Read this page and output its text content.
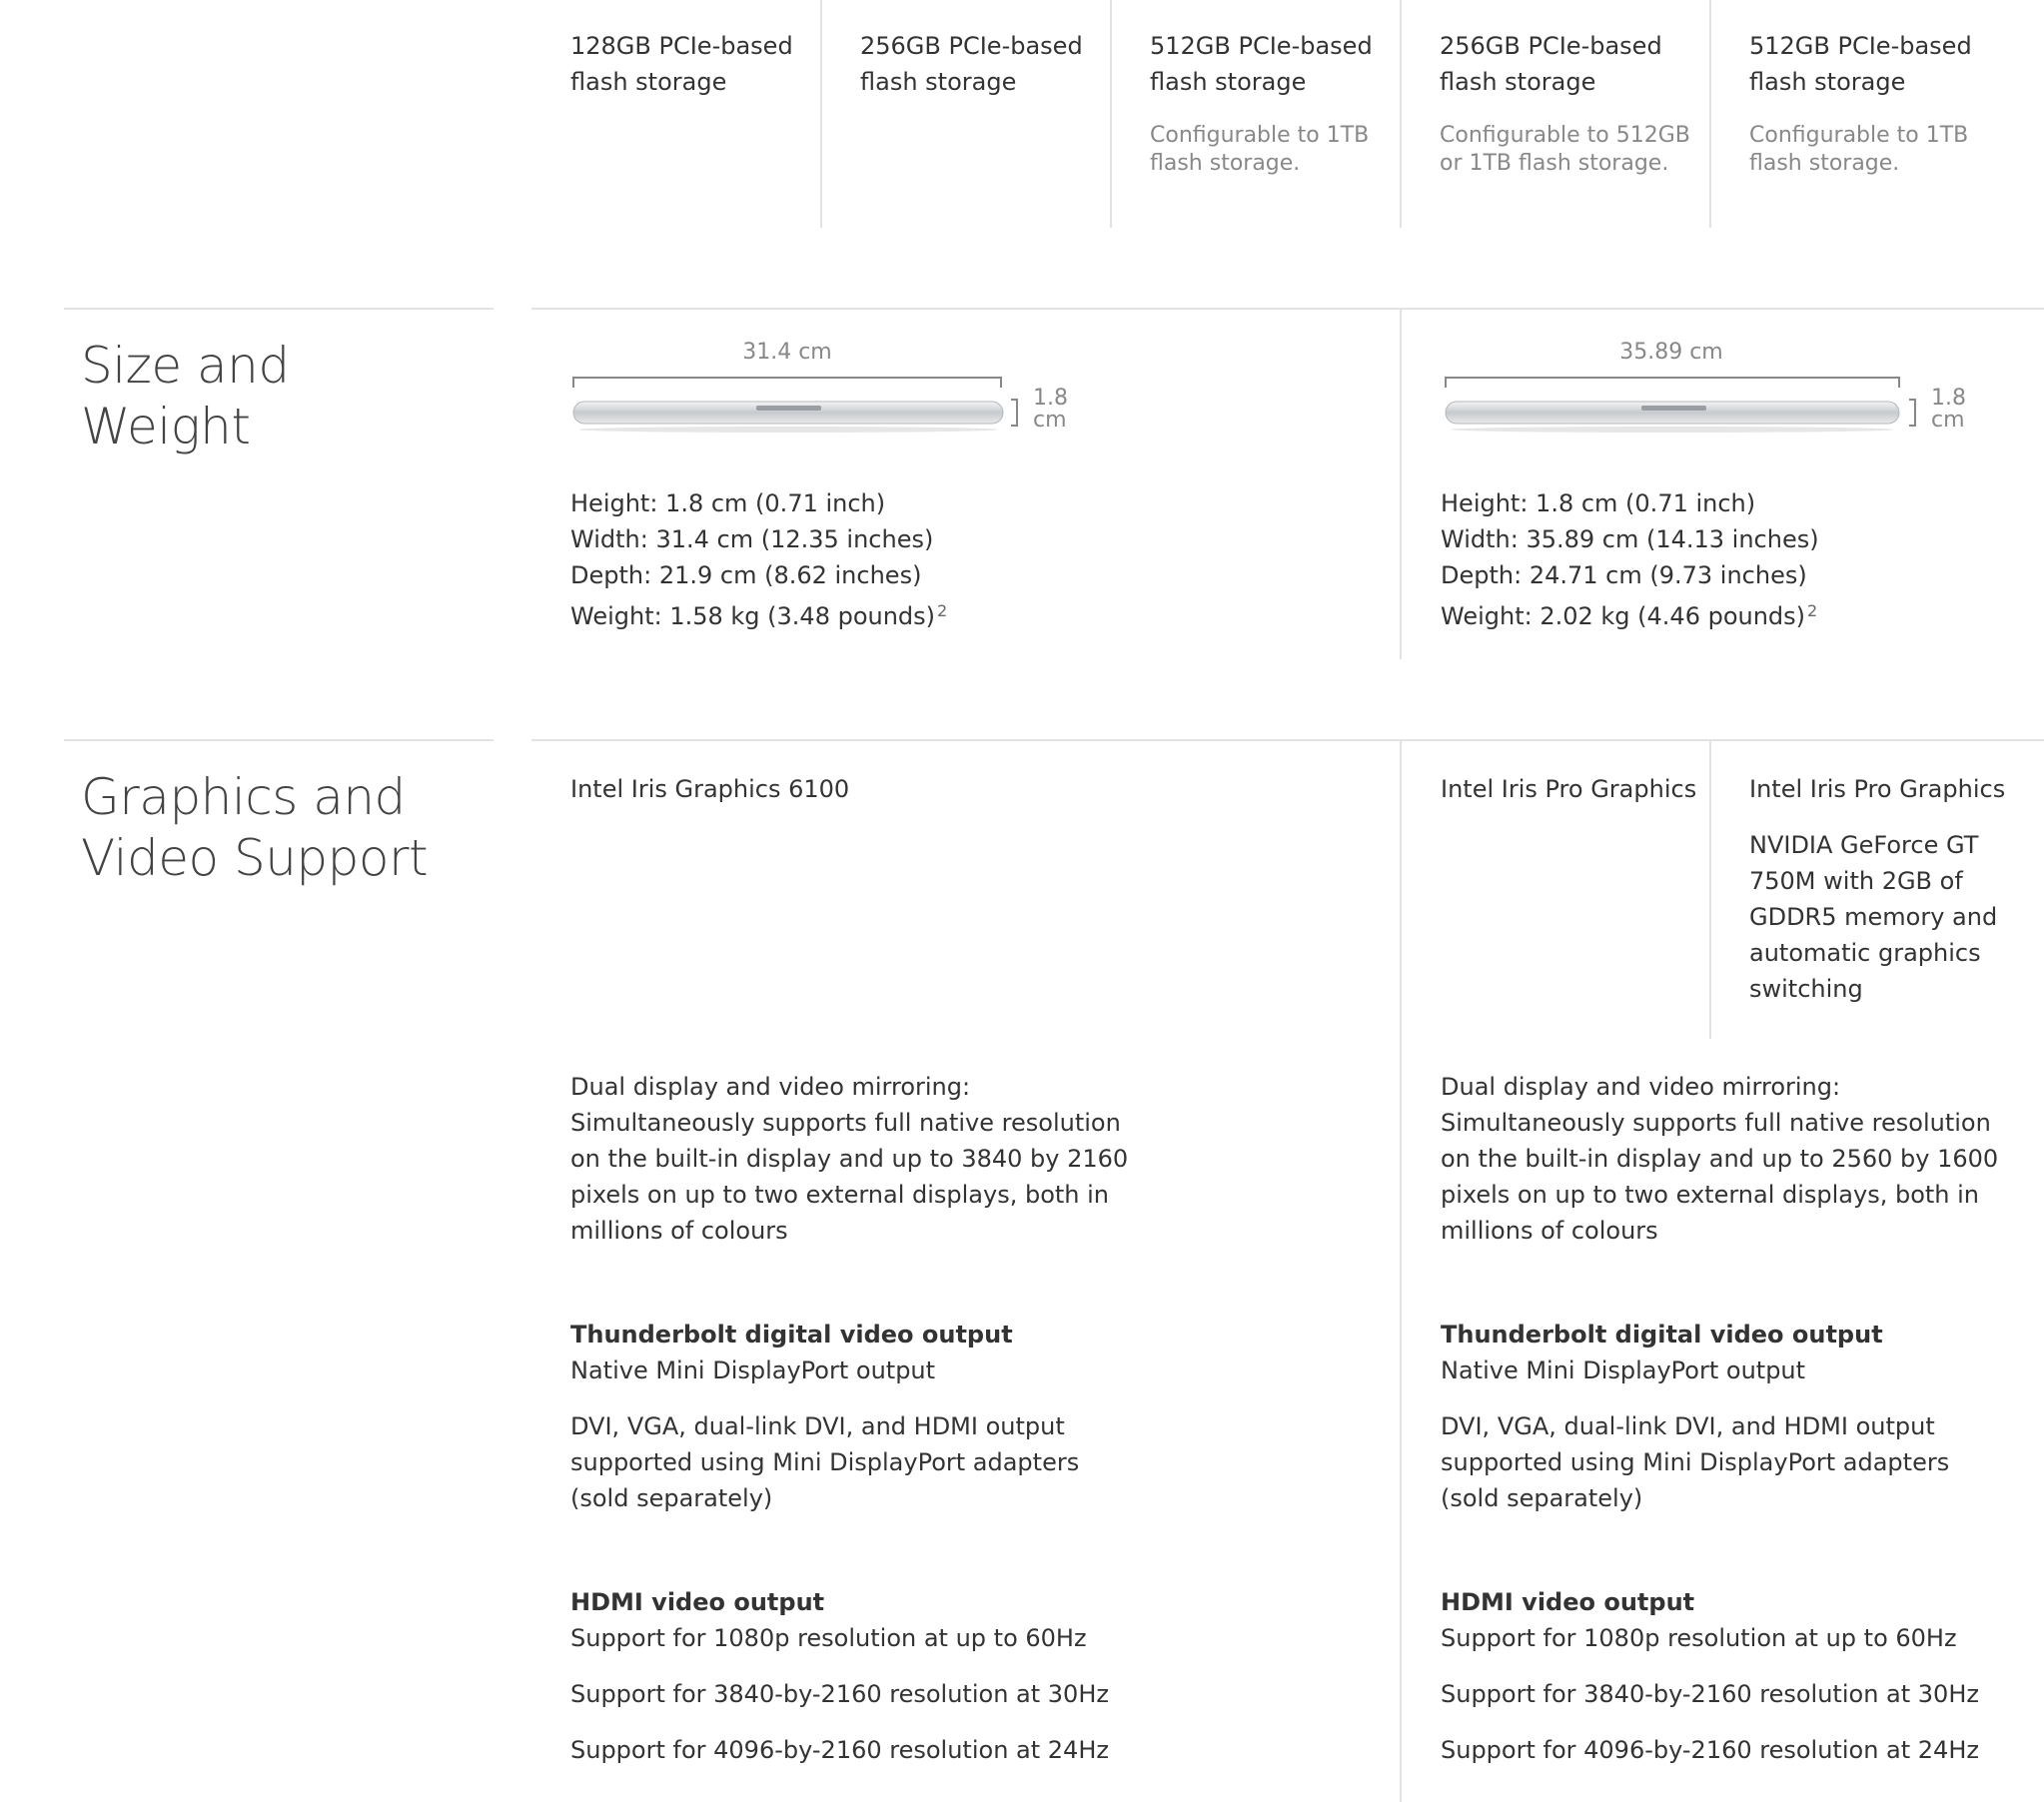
128GB PCIe-based
flash storage
256GB PCIe-based
flash storage
512GB PCIe-based
flash storage
Configurable to 1TB
flash storage.
256GB PCIe-based
flash storage
Configurable to 512GB
or 1TB flash storage.
512GB PCIe-based
flash storage
Configurable to 1TB
flash storage.
Size and
Weight
31.4 cm
1.8
cm
35.89 cm
1.8
cm
Height: 1.8 cm (0.71 inch)
Width: 31.4 cm (12.35 inches)
Depth: 21.9 cm (8.62 inches)
Weight: 1.58 kg (3.48 pounds) $^2$
Height: 1.8 cm (0.71 inch)
Width: 35.89 cm (14.13 inches)
Depth: 24.71 cm (9.73 inches)
Weight: 2.02 kg (4.46 pounds) $^2$
Graphics and
Video Support
Intel Iris Graphics 6100	Intel Iris Pro Graphics Intel Iris Pro Graphics
NVIDIA GeForce GT
750M with 2GB of
GDDR5 memory and
automatic graphics
switching
Dual display and video mirroring:
Simultaneously supports full native resolution
on the built-in display and up to 3840 by 2160
pixels on up to two external displays, both in
millions of colours
Thunderbolt digital video output
Native Mini DisplayPort output
DVI, VGA, dual-link DVI, and HDMI output
supported using Mini DisplayPort adapters
(sold separately)
HDMI video output
Support for 1080p resolution at up to 60Hz
Support for 3840-by-2160 resolution at 30Hz
Support for 4096-by-2160 resolution at 24Hz
Dual display and video mirroring:
Simultaneously supports full native resolution
on the built-in display and up to 2560 by 1600
pixels on up to two external displays, both in
millions of colours
Thunderbolt digital video output
Native Mini DisplayPort output
DVI, VGA, dual-link DVI, and HDMI output
supported using Mini DisplayPort adapters
(sold separately)
HDMI video output
Support for 1080p resolution at up to 60Hz
Support for 3840-by-2160 resolution at 30Hz
Support for 4096-by-2160 resolution at 24Hz
